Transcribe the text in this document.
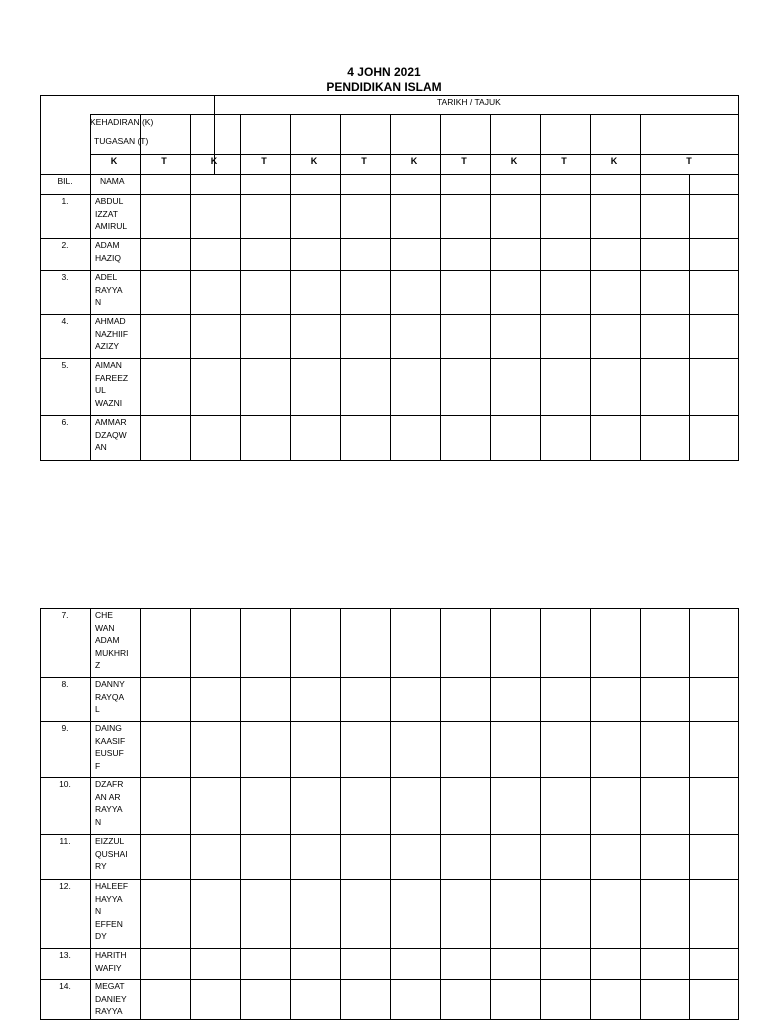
4 JOHN 2021
PENDIDIKAN ISLAM
TARIKH / TAJUK
KEHADIRAN (K)
TUGASAN (T)
K	T	K	T	K	T	K	T	K	T	K	T
BIL.	NAMA
1.	ABDUL
IZZAT
AMIRUL
2.	ADAM
HAZIQ
3.	ADEL
RAYYA
N
4.	AHMAD
NAZHIIF
AZIZY
5.	AIMAN
FAREEZ
UL
WAZNI
6.	AMMAR
DZAQW
AN
7.	CHE
WAN
ADAM
MUKHRI
Z
8.	DANNY
RAYQA
L
9.	DAING
KAASIF
EUSUF
F
10.	DZAFR
AN AR
RAYYA
N
11.	EIZZUL
QUSHAI
RY
12.	HALEEF
HAYYA
N
EFFEN
DY
13.	HARITH
WAFIY
14.	MEGAT
DANIEY
RAYYA
